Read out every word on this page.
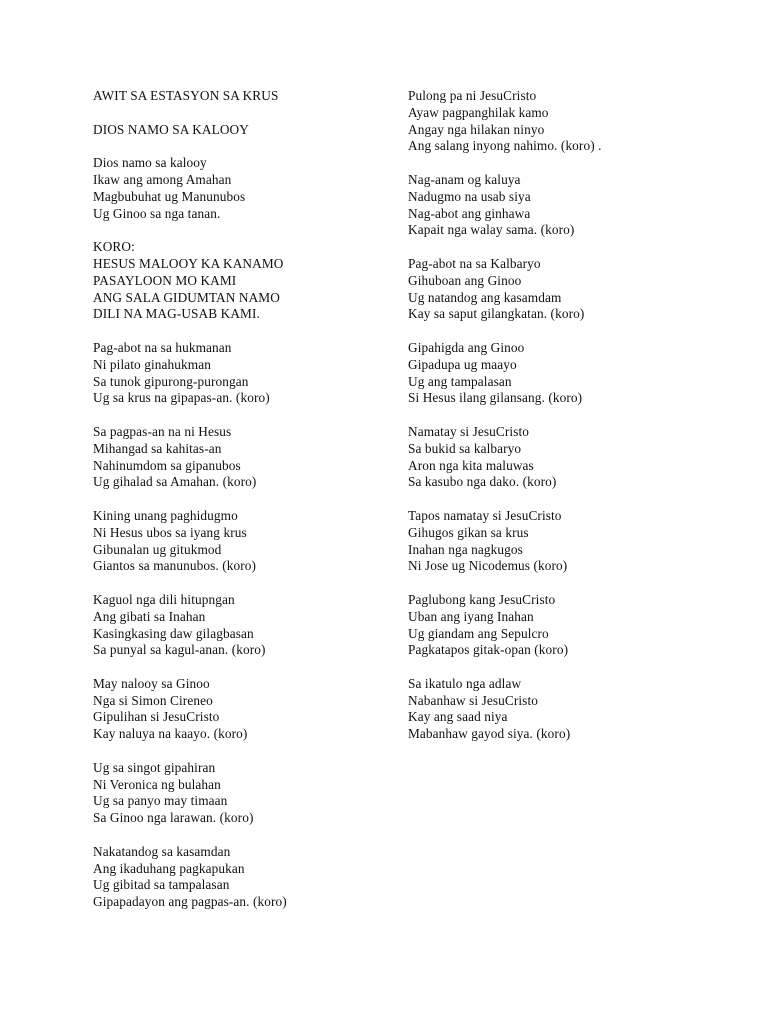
AWIT SA ESTASYON SA KRUS
DIOS NAMO SA KALOOY
Dios namo sa kalooy
Ikaw ang among Amahan
Magbubuhat ug Manunubos
Ug Ginoo sa nga tanan.
KORO:
HESUS MALOOY KA KANAMO
PASAYLOON MO KAMI
ANG SALA GIDUMTAN NAMO
DILI NA MAG-USAB KAMI.
Pag-abot na sa hukmanan
Ni pilato ginahukman
Sa tunok gipurong-purongan
Ug sa krus na gipapas-an. (koro)
Sa pagpas-an na ni Hesus
Mihangad sa kahitas-an
Nahinumdom sa gipanubos
Ug gihalad sa Amahan. (koro)
Kining unang paghidugmo
Ni Hesus ubos sa iyang krus
Gibunalan ug gitukmod
Giantos sa manunubos. (koro)
Kaguol nga dili hitupngan
Ang gibati sa Inahan
Kasingkasing daw gilagbasan
Sa punyal sa kagul-anan. (koro)
May nalooy sa Ginoo
Nga si Simon Cireneo
Gipulihan si JesuCristo
Kay naluya na kaayo. (koro)
Ug sa singot gipahiran
Ni Veronica ng bulahan
Ug sa panyo may timaan
Sa Ginoo nga larawan. (koro)
Nakatandog sa kasamdan
Ang ikaduhang pagkapukan
Ug gibitad sa tampalasan
Gipapadayon ang pagpas-an. (koro)
Pulong pa ni JesuCristo
Ayaw pagpanghilak kamo
Angay nga hilakan ninyo
Ang salang inyong nahimo. (koro) .
Nag-anam og kaluya
Nadugmo na usab siya
Nag-abot ang ginhawa
Kapait nga walay sama. (koro)
Pag-abot na sa Kalbaryo
Gihuboan ang Ginoo
Ug natandog ang kasamdam
Kay sa saput gilangkatan. (koro)
Gipahigda ang Ginoo
Gipadupa ug maayo
Ug ang tampalasan
Si Hesus ilang gilansang. (koro)
Namatay si JesuCristo
Sa bukid sa kalbaryo
Aron nga kita maluwas
Sa kasubo nga dako. (koro)
Tapos namatay si JesuCristo
Gihugos gikan sa krus
Inahan nga nagkugos
Ni Jose ug Nicodemus (koro)
Paglubong kang JesuCristo
Uban ang iyang Inahan
Ug giandam ang Sepulcro
Pagkatapos gitak-opan (koro)
Sa ikatulo nga adlaw
Nabanhaw si JesuCristo
Kay ang saad niya
Mabanhaw gayod siya. (koro)
